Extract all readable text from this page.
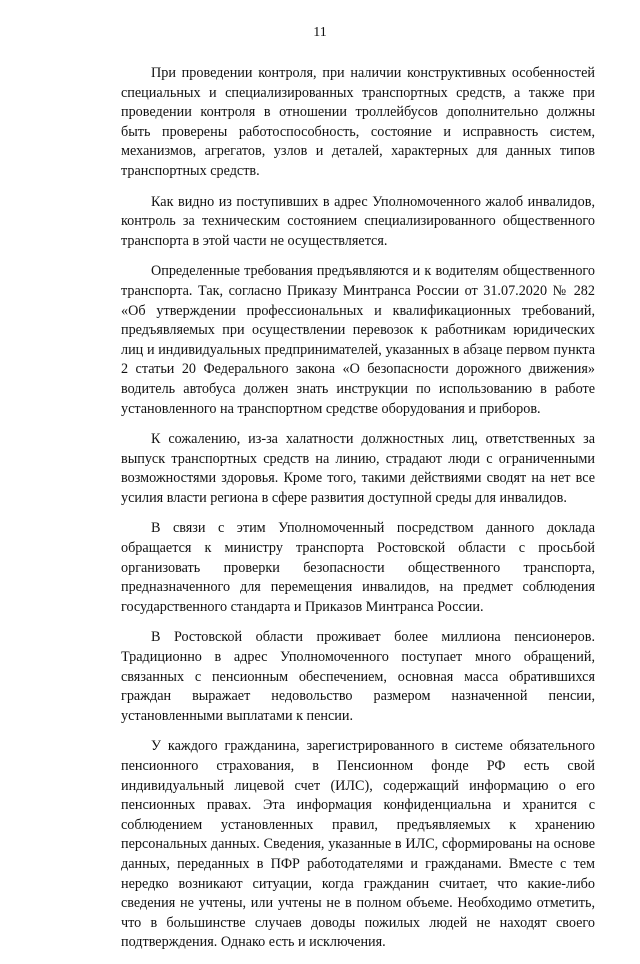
11

При проведении контроля, при наличии конструктивных особенностей специальных и специализированных транспортных средств, а также при проведении контроля в отношении троллейбусов дополнительно должны быть проверены работоспособность, состояние и исправность систем, механизмов, агрегатов, узлов и деталей, характерных для данных типов транспортных средств.

Как видно из поступивших в адрес Уполномоченного жалоб инвалидов, контроль за техническим состоянием специализированного общественного транспорта в этой части не осуществляется.

Определенные требования предъявляются и к водителям общественного транспорта. Так, согласно Приказу Минтранса России от 31.07.2020 № 282 «Об утверждении профессиональных и квалификационных требований, предъявляемых при осуществлении перевозок к работникам юридических лиц и индивидуальных предпринимателей, указанных в абзаце первом пункта 2 статьи 20 Федерального закона «О безопасности дорожного движения» водитель автобуса должен знать инструкции по использованию в работе установленного на транспортном средстве оборудования и приборов.

К сожалению, из-за халатности должностных лиц, ответственных за выпуск транспортных средств на линию, страдают люди с ограниченными возможностями здоровья. Кроме того, такими действиями сводят на нет все усилия власти региона в сфере развития доступной среды для инвалидов.

В связи с этим Уполномоченный посредством данного доклада обращается к министру транспорта Ростовской области с просьбой организовать проверки безопасности общественного транспорта, предназначенного для перемещения инвалидов, на предмет соблюдения государственного стандарта и Приказов Минтранса России.

В Ростовской области проживает более миллиона пенсионеров. Традиционно в адрес Уполномоченного поступает много обращений, связанных с пенсионным обеспечением, основная масса обратившихся граждан выражает недовольство размером назначенной пенсии, установленными выплатами к пенсии.

У каждого гражданина, зарегистрированного в системе обязательного пенсионного страхования, в Пенсионном фонде РФ есть свой индивидуальный лицевой счет (ИЛС), содержащий информацию о его пенсионных правах. Эта информация конфиденциальна и хранится с соблюдением установленных правил, предъявляемых к хранению персональных данных. Сведения, указанные в ИЛС, сформированы на основе данных, переданных в ПФР работодателями и гражданами. Вместе с тем нередко возникают ситуации, когда гражданин считает, что какие-либо сведения не учтены, или учтены не в полном объеме. Необходимо отметить, что в большинстве случаев доводы пожилых людей не находят своего подтверждения. Однако есть и исключения.
